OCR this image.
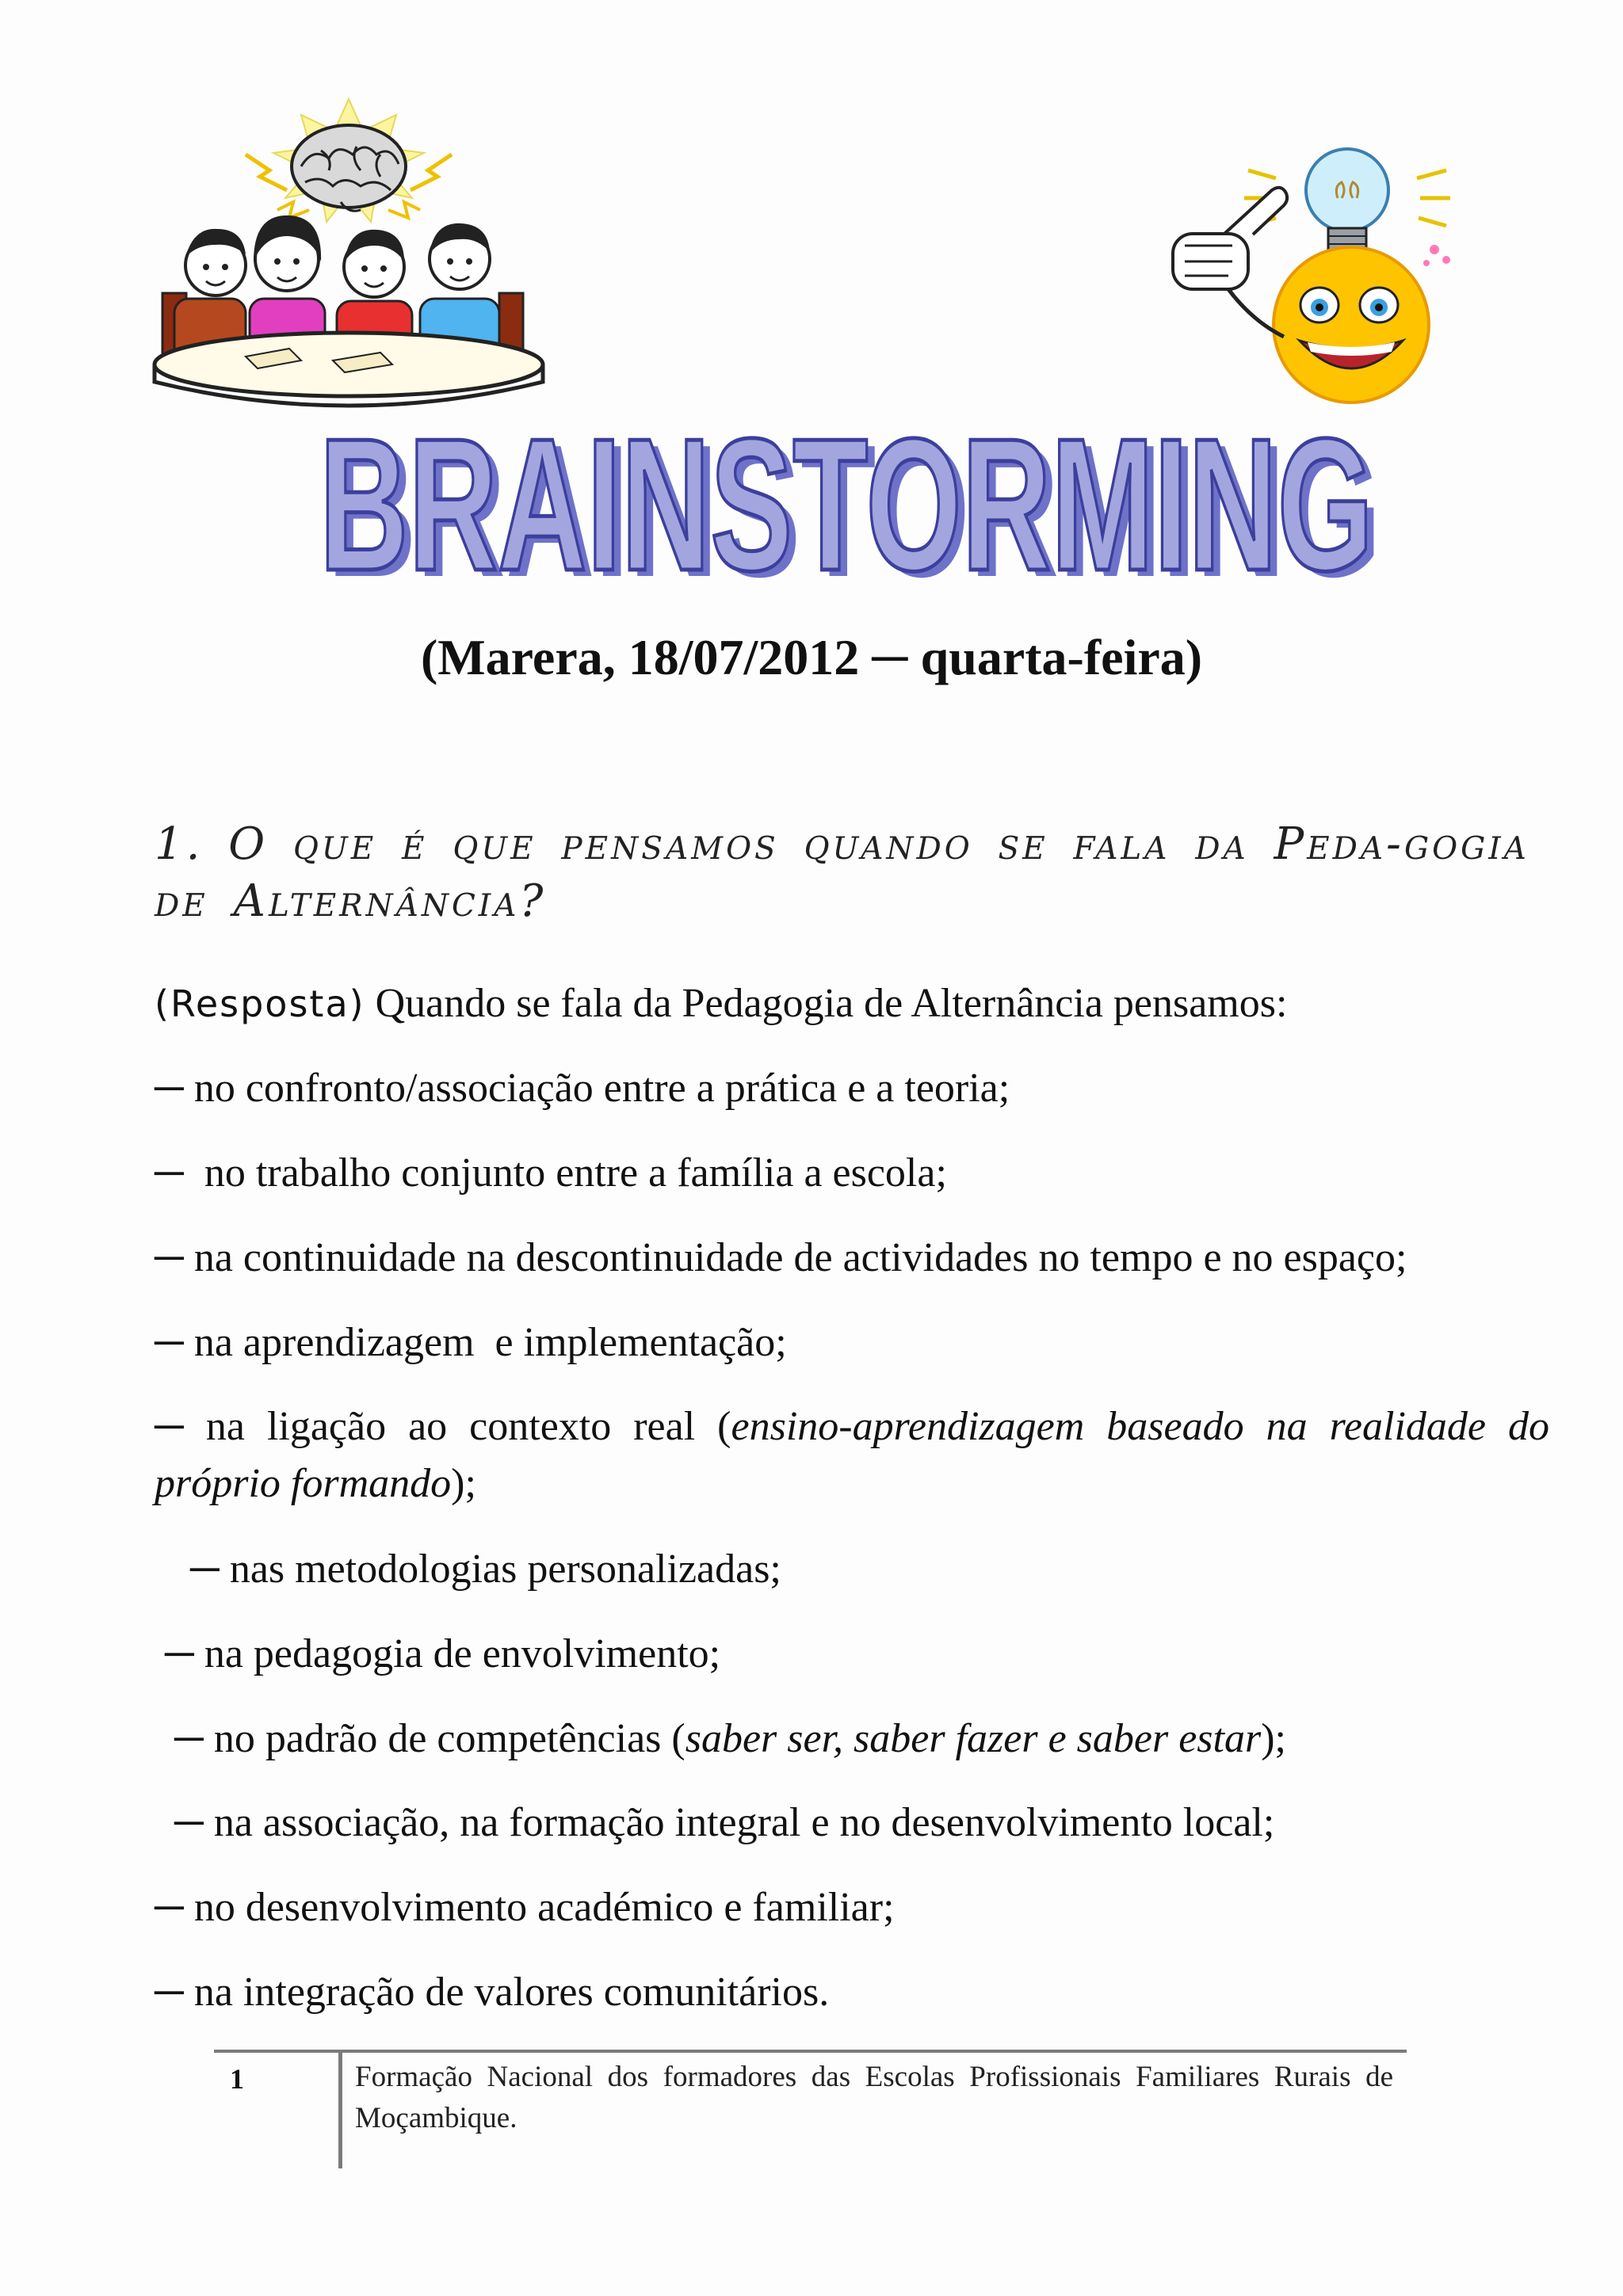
BRAINSTORMING
BRAINSTORMING
(Marera, 18/07/2012 ─ quarta-feira)
1. O que é que pensamos quando se fala da Peda-gogia de Alternância?
(Resposta) Quando se fala da Pedagogia de Alternância pensamos:
─ no confronto/associação entre a prática e a teoria;
─  no trabalho conjunto entre a família a escola;
─ na continuidade na descontinuidade de actividades no tempo e no espaço;
─ na aprendizagem  e implementação;
─ na ligação ao contexto real (ensino-aprendizagem baseado na realidade do próprio formando);
─ nas metodologias personalizadas;
─ na pedagogia de envolvimento;
─ no padrão de competências (saber ser, saber fazer e saber estar);
─ na associação, na formação integral e no desenvolvimento local;
─ no desenvolvimento académico e familiar;
─ na integração de valores comunitários.
1	Formação Nacional dos formadores das Escolas Profissionais Familiares Rurais de Moçambique.
